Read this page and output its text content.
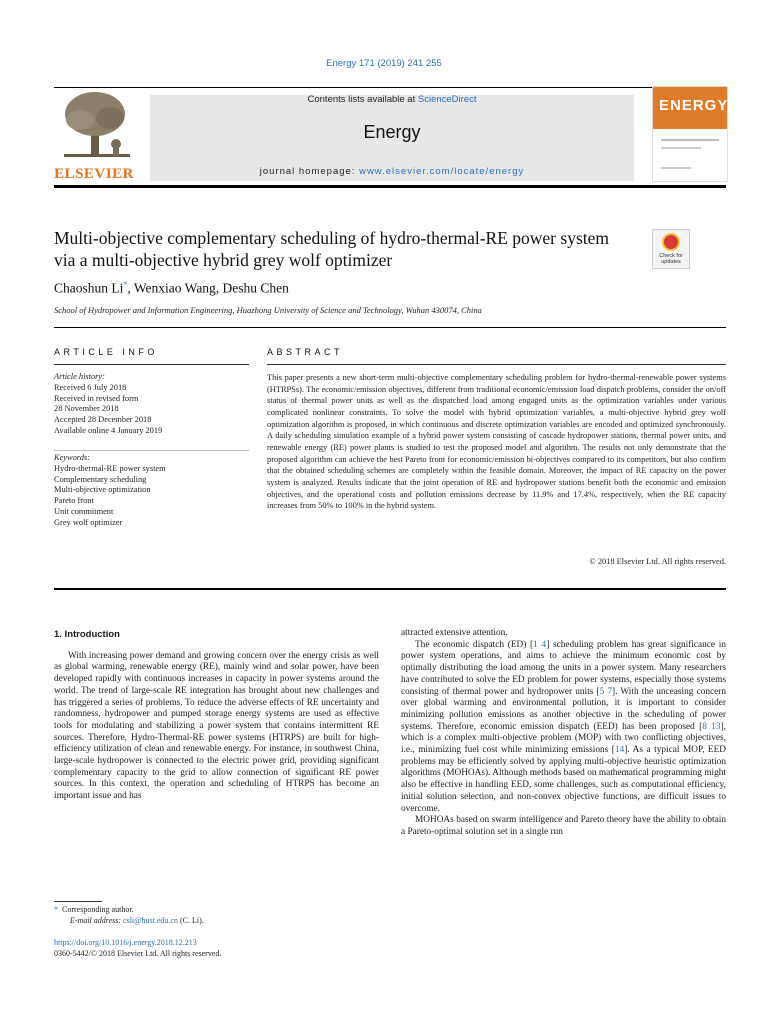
Energy 171 (2019) 241 255
ELSEVIER
Contents lists available at ScienceDirect
Energy
journal homepage: www.elsevier.com/locate/energy
ENERGY
Multi-objective complementary scheduling of hydro-thermal-RE power system via a multi-objective hybrid grey wolf optimizer	Check for updates
Chaoshun Li*, Wenxiao Wang, Deshu Chen
School of Hydropower and Information Engineering, Huazhong University of Science and Technology, Wuhan 430074, China
ARTICLE INFO	ABSTRACT
Article history:
Received 6 July 2018
Received in revised form
28 November 2018
Accepted 28 December 2018
Available online 4 January 2019
Keywords:
Hydro-thermal-RE power system
Complementary scheduling
Multi-objective optimization
Pareto front
Unit commitment
Grey wolf optimizer
This paper presents a new short-term multi-objective complementary scheduling problem for hydro-thermal-renewable power systems (HTRPSs). The economic/emission objectives, different from traditional economic/emission load dispatch problems, consider the on/off status of thermal power units as well as the dispatched load among engaged units as the optimization variables under various complicated nonlinear constraints. To solve the model with hybrid optimization variables, a multi-objective hybrid grey wolf optimization algorithm is proposed, in which continuous and discrete optimization variables are encoded and optimized synchronously. A daily scheduling simulation example of a hybrid power system consisting of cascade hydropower stations, thermal power units, and renewable energy (RE) power plants is studied to test the proposed model and algorithm. The results not only demonstrate that the proposed algorithm can achieve the best Pareto front for economic/emission bi-objectives compared to its competitors, but also confirm that the obtained scheduling schemes are completely within the feasible domain. Moreover, the impact of RE capacity on the power system is analyzed. Results indicate that the joint operation of RE and hydropower stations benefit both the economic and emission objectives, and the operational costs and pollution emissions decrease by 11.9% and 17.4%, respectively, when the RE capacity increases from 50% to 100% in the hybrid system.
© 2018 Elsevier Ltd. All rights reserved.
1. Introduction

With increasing power demand and growing concern over the energy crisis as well as global warming, renewable energy (RE), mainly wind and solar power, have been developed rapidly with continuous increases in capacity in power systems around the world. The trend of large-scale RE integration has brought about new challenges and has triggered a series of problems. To reduce the adverse effects of RE uncertainty and randomness, hydropower and pumped storage energy systems are used as effective tools for modulating and stabilizing a power system that contains intermittent RE sources. Therefore, Hydro-Thermal-RE power systems (HTRPS) are built for high-efficiency utilization of clean and renewable energy. For instance, in southwest China, large-scale hydropower is connected to the electric power grid, providing significant complementary capacity to the grid to allow connection of significant RE power sources. In this context, the operation and scheduling of HTRPS has become an important issue and has

attracted extensive attention.

The economic dispatch (ED) [1 4] scheduling problem has great significance in power system operations, and aims to achieve the minimum economic cost by optimally distributing the load among the units in a power system. Many researchers have contributed to solve the ED problem for power systems, especially those systems consisting of thermal power and hydropower units [5 7]. With the unceasing concern over global warming and environmental pollution, it is important to consider minimizing pollution emissions as another objective in the scheduling of power systems. Therefore, economic emission dispatch (EED) has been proposed [8 13], which is a complex multi-objective problem (MOP) with two conflicting objectives, i.e., minimizing fuel cost while minimizing emissions [14]. As a typical MOP, EED problems may be efficiently solved by applying multi-objective heuristic optimization algorithms (MOHOAs). Although methods based on mathematical programming might also be effective in handling EED, some challenges, such as computational efficiency, initial solution selection, and non-convex objective functions, are difficult issues to overcome.

MOHOAs based on swarm intelligence and Pareto theory have the ability to obtain a Pareto-optimal solution set in a single run

* Corresponding author.
E-mail address: csli@hust.edu.cn (C. Li).
https://doi.org/10.1016/j.energy.2018.12.213
0360-5442/© 2018 Elsevier Ltd. All rights reserved.
